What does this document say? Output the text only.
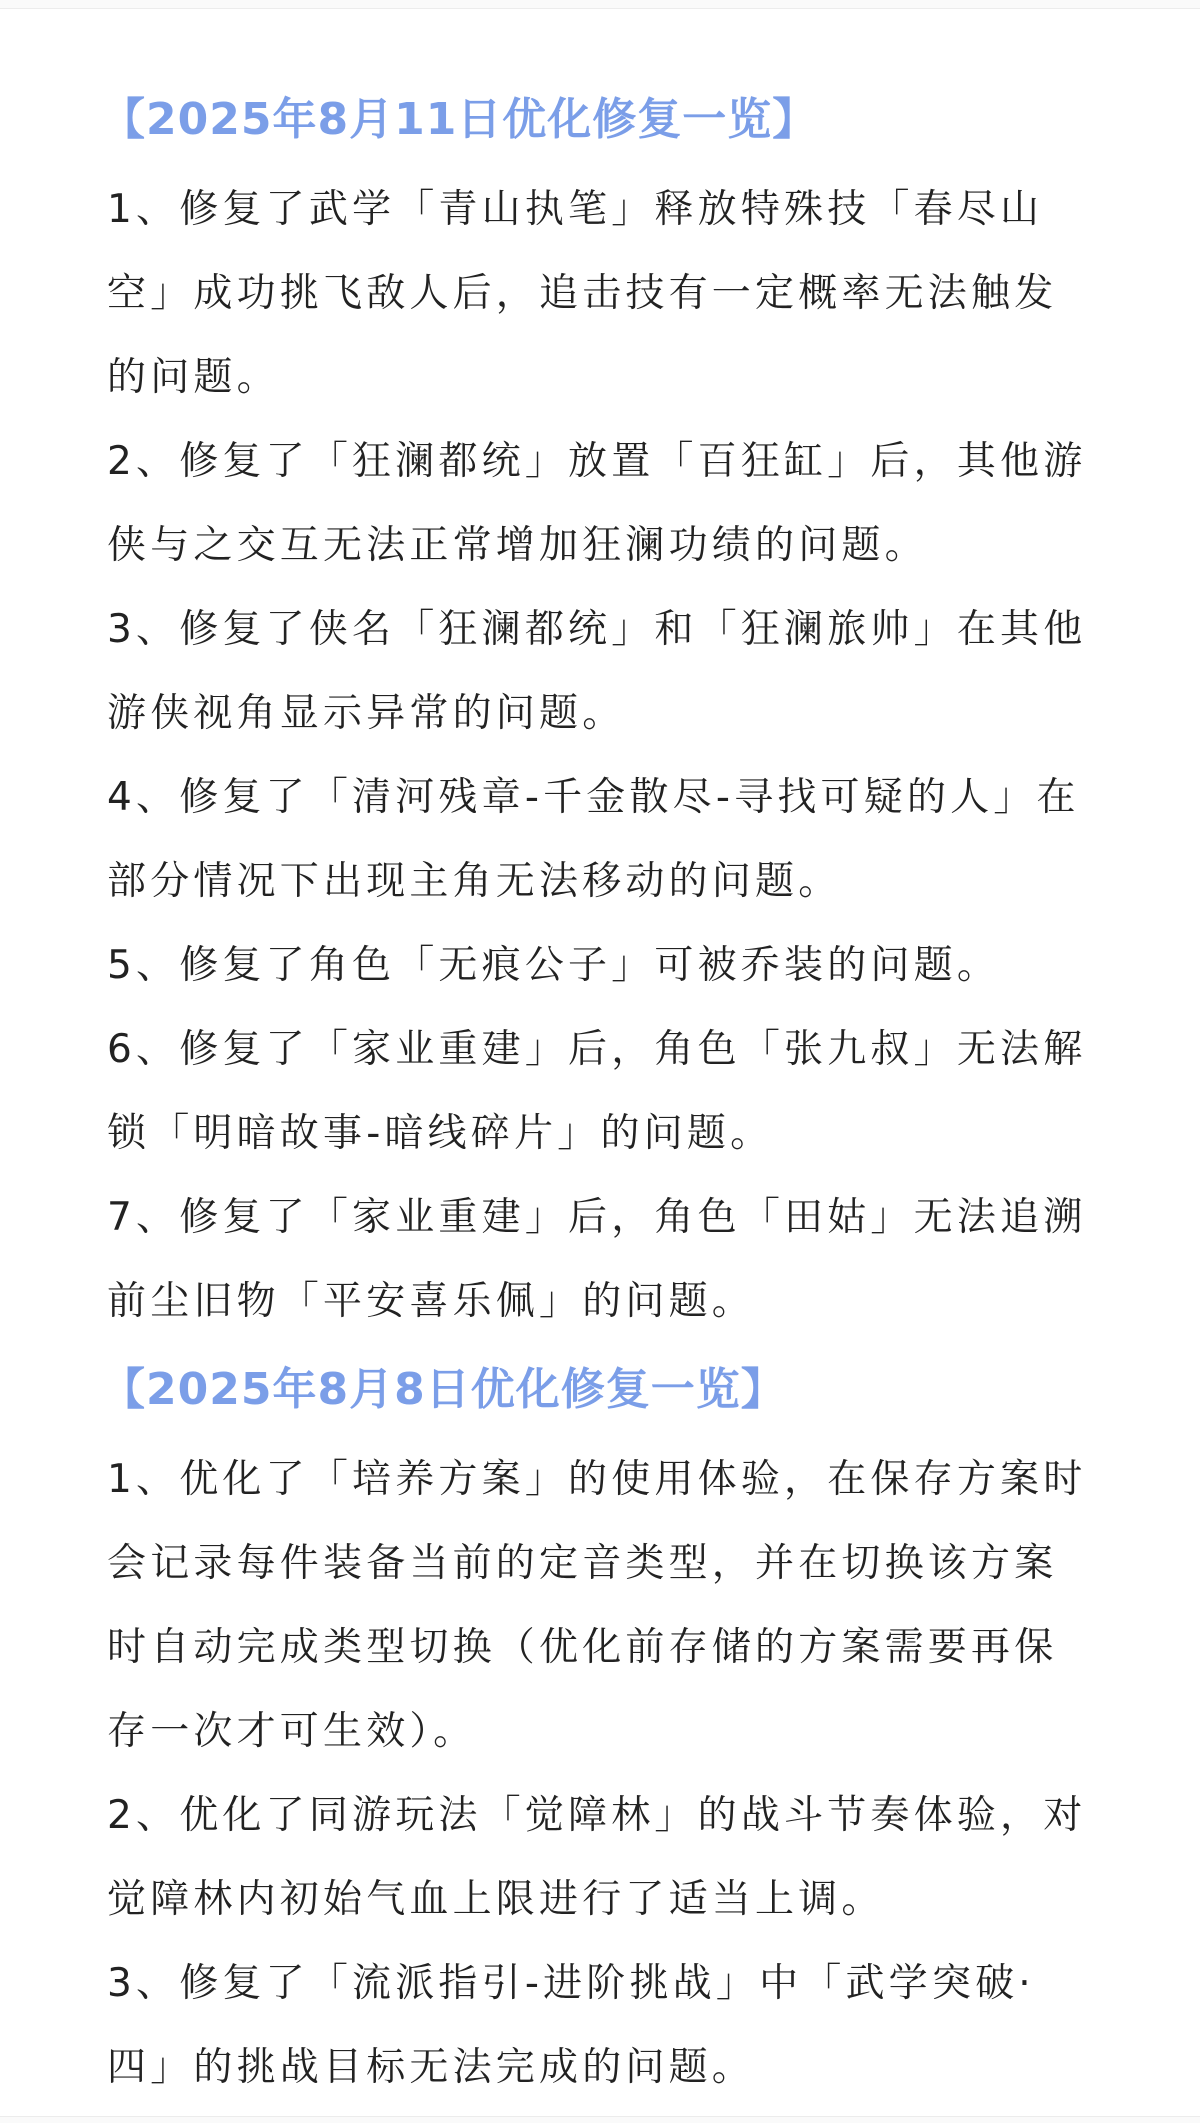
【2025年8月11日优化修复一览】

1、修复了武学「青山执笔」释放特殊技「春尽山空」成功挑飞敌人后，追击技有一定概率无法触发的问题。

2、修复了「狂澜都统」放置「百狂缸」后，其他游侠与之交互无法正常增加狂澜功绩的问题。

3、修复了侠名「狂澜都统」和「狂澜旅帅」在其他游侠视角显示异常的问题。

4、修复了「清河残章-千金散尽-寻找可疑的人」在部分情况下出现主角无法移动的问题。

5、修复了角色「无痕公子」可被乔装的问题。

6、修复了「家业重建」后，角色「张九叔」无法解锁「明暗故事-暗线碎片」的问题。

7、修复了「家业重建」后，角色「田姑」无法追溯前尘旧物「平安喜乐佩」的问题。

【2025年8月8日优化修复一览】

1、优化了「培养方案」的使用体验，在保存方案时会记录每件装备当前的定音类型，并在切换该方案时自动完成类型切换（优化前存储的方案需要再保存一次才可生效）。

2、优化了同游玩法「觉障林」的战斗节奏体验，对觉障林内初始气血上限进行了适当上调。

3、修复了「流派指引-进阶挑战」中「武学突破·四」的挑战目标无法完成的问题。
